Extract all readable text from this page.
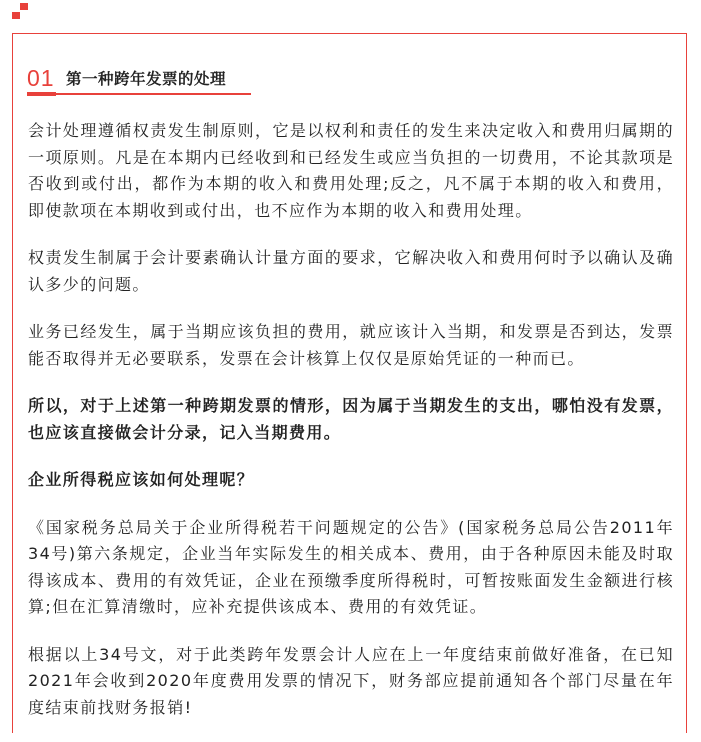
01 第一种跨年发票的处理

会计处理遵循权责发生制原则，它是以权利和责任的发生来决定收入和费用归属期的一项原则。凡是在本期内已经收到和已经发生或应当负担的一切费用，不论其款项是否收到或付出，都作为本期的收入和费用处理;反之，凡不属于本期的收入和费用，即使款项在本期收到或付出，也不应作为本期的收入和费用处理。

权责发生制属于会计要素确认计量方面的要求，它解决收入和费用何时予以确认及确认多少的问题。

业务已经发生，属于当期应该负担的费用，就应该计入当期，和发票是否到达，发票能否取得并无必要联系，发票在会计核算上仅仅是原始凭证的一种而已。

所以，对于上述第一种跨期发票的情形，因为属于当期发生的支出，哪怕没有发票，也应该直接做会计分录，记入当期费用。

企业所得税应该如何处理呢？

《国家税务总局关于企业所得税若干问题规定的公告》(国家税务总局公告2011年34号)第六条规定，企业当年实际发生的相关成本、费用，由于各种原因未能及时取得该成本、费用的有效凭证，企业在预缴季度所得税时，可暂按账面发生金额进行核算;但在汇算清缴时，应补充提供该成本、费用的有效凭证。

根据以上34号文，对于此类跨年发票会计人应在上一年度结束前做好准备，在已知2021年会收到2020年度费用发票的情况下，财务部应提前通知各个部门尽量在年度结束前找财务报销!
